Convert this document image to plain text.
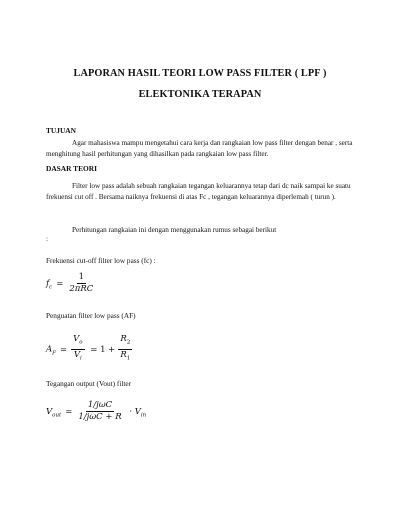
LAPORAN HASIL TEORI LOW PASS FILTER ( LPF )
ELEKTONIKA TERAPAN
TUJUAN
Agar mahasiswa mampu mengetahui cara kerja dan rangkaian low pass filter dengan benar , serta menghitung hasil perhitungan yang dihasilkan pada rangkaian low pass filter.
DASAR TEORI
Filter low pass adalah sebuah rangkaian tegangan keluarannya tetap dari dc naik sampai ke suatu frekuensi cut off . Bersama naiknya frekuensi di atas Fc , tegangan keluarannya diperlemah ( turun ).
Perhitungan rangkaian ini dengan menggunakan rumus sebagai berikut
:
Frekuensi cut-off filter low pass (fc) :
$f_c = \frac{1}{\text{2πRC}}$
Penguatan filter low pass (AF)
$A_F = \frac{V_o}{V_i} = 1 + \frac{R_2}{R_1}$
Tegangan output (Vout) filter
$V_{out} = \frac{\text{1/jωC}}{\text{1/jωC + R}} \cdot V_{in}$
